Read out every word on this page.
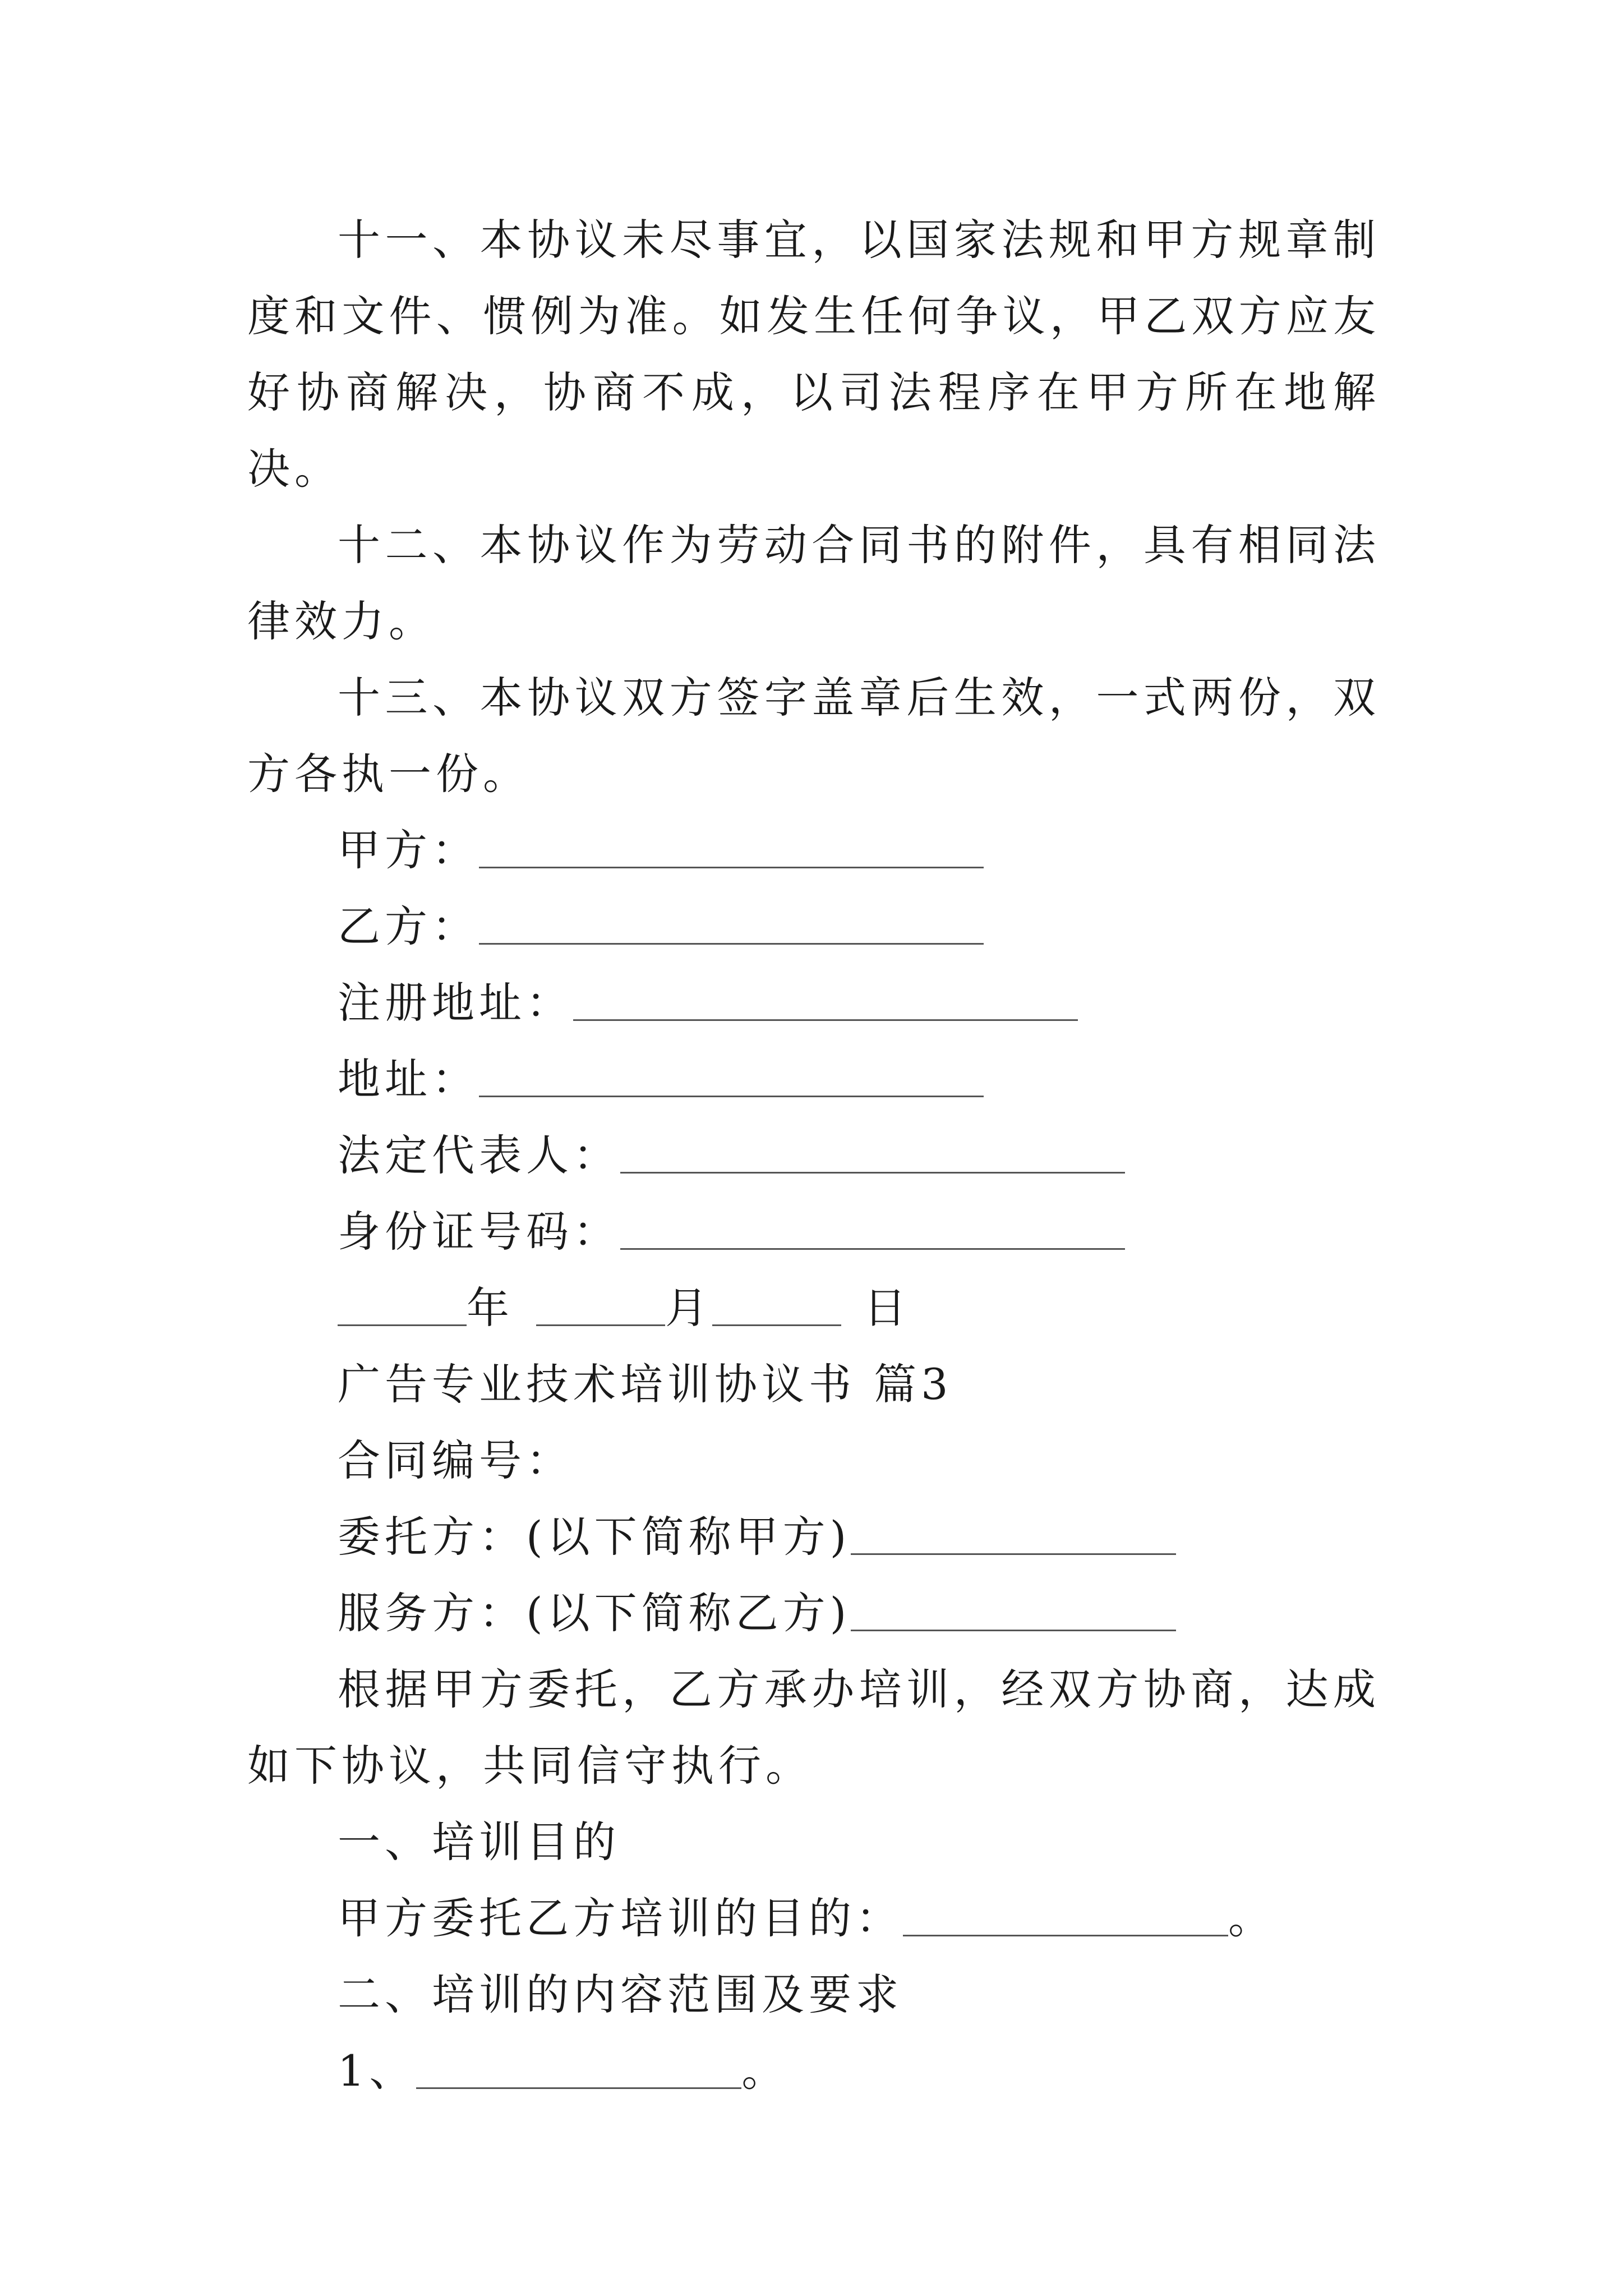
十一、本协议未尽事宜，以国家法规和甲方规章制度和文件、惯例为准。如发生任何争议，甲乙双方应友好协商解决，协商不成，以司法程序在甲方所在地解决。

十二、本协议作为劳动合同书的附件，具有相同法律效力。

十三、本协议双方签字盖章后生效，一式两份，双方各执一份。

甲方：

乙方：

注册地址：

地址：

法定代表人：

身份证号码：

年	月	日

广告专业技术培训协议书 篇3

合同编号：

委托方：(以下简称甲方)

服务方：(以下简称乙方)

根据甲方委托，乙方承办培训，经双方协商，达成如下协议，共同信守执行。

一、培训目的

甲方委托乙方培训的目的：	。

二、培训的内容范围及要求

1、	。
